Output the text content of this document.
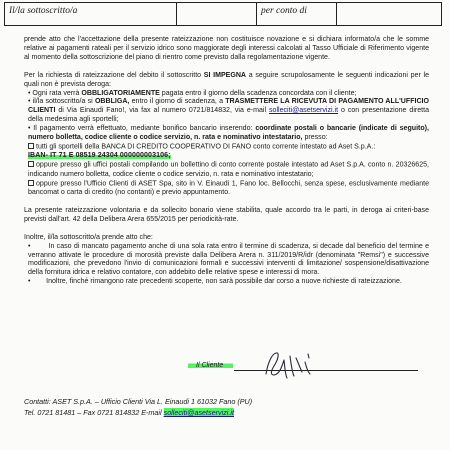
Il/la sottoscritto/a	per conto di

prende atto che l'accettazione della presente rateizzazione non costituisce novazione e si dichiara informato/a che le somme relative ai pagamenti rateali per il servizio idrico sono maggiorate degli interessi calcolati al Tasso Ufficiale di Riferimento vigente al momento della sottoscrizione del piano di rientro come previsto dalla regolamentazione vigente.

Per la richiesta di rateizzazione del debito il sottoscritto SI IMPEGNA a seguire scrupolosamente le seguenti indicazioni per le quali non è prevista deroga:

• Ogni rata verrà OBBLIGATORIAMENTE pagata entro il giorno della scadenza concordata con il cliente;

• il/la sottoscritto/a si OBBLIGA, entro il giorno di scadenza, a TRASMETTERE LA RICEVUTA DI PAGAMENTO ALL'UFFICIO CLIENTI di Via Einaudi Fano!, via fax al numero 0721/814832, via e-mail solleciti@asetservizi.it o con presentazione diretta della medesima agli sportelli;

• Il pagamento verrà effettuato, mediante bonifico bancario inserendo: coordinate postali o bancarie (indicate di seguito), numero bolletta, codice cliente o codice servizio, n. rata e nominativo intestatario, presso:

tutti gli sportelli della BANCA DI CREDITO COOPERATIVO DI FANO conto corrente intestato ad Aset S.p.A.:

IBAN- IT 71 E 08519 24304 000000003106;

oppure presso gli uffici postali compilando un bollettino di conto corrente postale intestato ad Aset S.p.A. conto n. 20326625, indicando numero bolletta, codice cliente o codice servizio, n. rata e nominativo intestatario;

oppure presso l'Ufficio Clienti di ASET Spa, sito in V. Einaudi 1, Fano loc. Bellocchi, senza spese, esclusivamente mediante bancomat o carta di credito (no contanti) e previo appuntamento.

La presente rateizzazione volontaria e da sollecito bonario viene stabilita, quale accordo tra le parti, in deroga ai criteri-base previsti dall'art. 42 della Delibera Arera 655/2015 per periodicità-rate.

Inoltre, il/la sottoscritto/a prende atto che:

•        In caso di mancato pagamento anche di una sola rata entro il termine di scadenza, si decade dal beneficio del termine e verranno attivate le procedure di morosità previste dalla Delibera Arera n. 311/2019/R/idr (denominata "Remsi") e successive modificazioni, che prevedono l'invio di comunicazioni formali e successivi interventi di limitazione/ sospensione/disattivazione della fornitura idrica e relativo contatore, con addebito delle relative spese e interessi di mora.

•        Inoltre, finché rimangono rate precedenti scoperte, non sarà possibile dar corso a nuove richieste di rateizzazione.

Il Cliente
Contatti: ASET S.p.A. – Ufficio Clienti Via L. Einaudi 1 61032 Fano (PU)
Tel. 0721 81481 – Fax 0721 814832 E-mail solleciti@asetservizi.it
